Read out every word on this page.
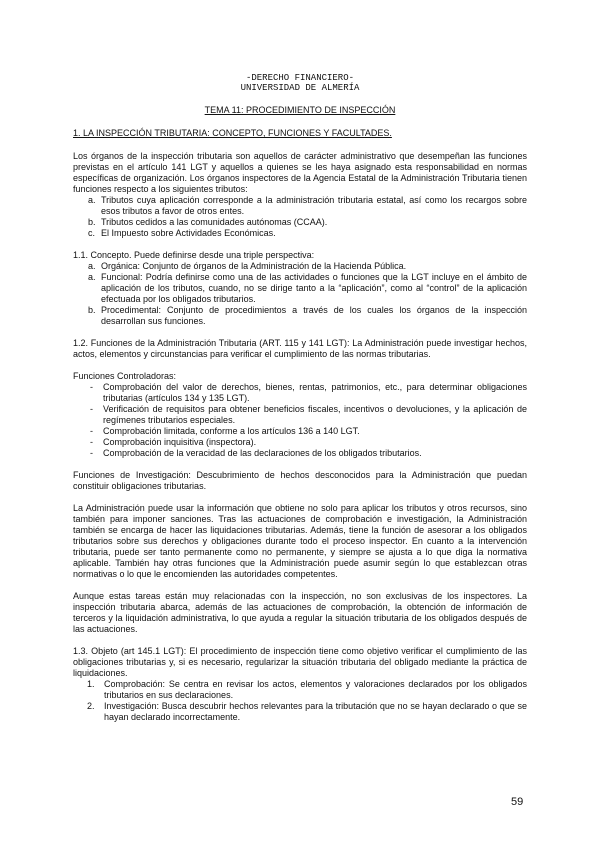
-DERECHO FINANCIERO-
UNIVERSIDAD DE ALMERÍA
TEMA 11: PROCEDIMIENTO DE INSPECCIÓN
1. LA INSPECCIÓN TRIBUTARIA: CONCEPTO, FUNCIONES Y FACULTADES.

Los órganos de la inspección tributaria son aquellos de carácter administrativo que desempeñan las funciones previstas en el artículo 141 LGT y aquellos a quienes se les haya asignado esta responsabilidad en normas específicas de organización. Los órganos inspectores de la Agencia Estatal de la Administración Tributaria tienen funciones respecto a los siguientes tributos:

a. Tributos cuya aplicación corresponde a la administración tributaria estatal, así como los recargos sobre esos tributos a favor de otros entes.
b. Tributos cedidos a las comunidades autónomas (CCAA).
c. El Impuesto sobre Actividades Económicas.

1.1. Concepto. Puede definirse desde una triple perspectiva:

a. Orgánica: Conjunto de órganos de la Administración de la Hacienda Pública.
a. Funcional: Podría definirse como una de las actividades o funciones que la LGT incluye en el ámbito de aplicación de los tributos, cuando, no se dirige tanto a la “aplicación”, como al “control” de la aplicación efectuada por los obligados tributarios.
b. Procedimental: Conjunto de procedimientos a través de los cuales los órganos de la inspección desarrollan sus funciones.

1.2. Funciones de la Administración Tributaria (ART. 115 y 141 LGT): La Administración puede investigar hechos, actos, elementos y circunstancias para verificar el cumplimiento de las normas tributarias.

Funciones Controladoras:

- Comprobación del valor de derechos, bienes, rentas, patrimonios, etc., para determinar obligaciones tributarias (artículos 134 y 135 LGT).
- Verificación de requisitos para obtener beneficios fiscales, incentivos o devoluciones, y la aplicación de regímenes tributarios especiales.
- Comprobación limitada, conforme a los artículos 136 a 140 LGT.
- Comprobación inquisitiva (inspectora).
- Comprobación de la veracidad de las declaraciones de los obligados tributarios.

Funciones de Investigación: Descubrimiento de hechos desconocidos para la Administración que puedan constituir obligaciones tributarias.

La Administración puede usar la información que obtiene no solo para aplicar los tributos y otros recursos, sino también para imponer sanciones. Tras las actuaciones de comprobación e investigación, la Administración también se encarga de hacer las liquidaciones tributarias. Además, tiene la función de asesorar a los obligados tributarios sobre sus derechos y obligaciones durante todo el proceso inspector. En cuanto a la intervención tributaria, puede ser tanto permanente como no permanente, y siempre se ajusta a lo que diga la normativa aplicable. También hay otras funciones que la Administración puede asumir según lo que establezcan otras normativas o lo que le encomienden las autoridades competentes.

Aunque estas tareas están muy relacionadas con la inspección, no son exclusivas de los inspectores. La inspección tributaria abarca, además de las actuaciones de comprobación, la obtención de información de terceros y la liquidación administrativa, lo que ayuda a regular la situación tributaria de los obligados después de las actuaciones.

1.3. Objeto (art 145.1 LGT): El procedimiento de inspección tiene como objetivo verificar el cumplimiento de las obligaciones tributarias y, si es necesario, regularizar la situación tributaria del obligado mediante la práctica de liquidaciones.

1. Comprobación: Se centra en revisar los actos, elementos y valoraciones declarados por los obligados tributarios en sus declaraciones.
2. Investigación: Busca descubrir hechos relevantes para la tributación que no se hayan declarado o que se hayan declarado incorrectamente.
59
